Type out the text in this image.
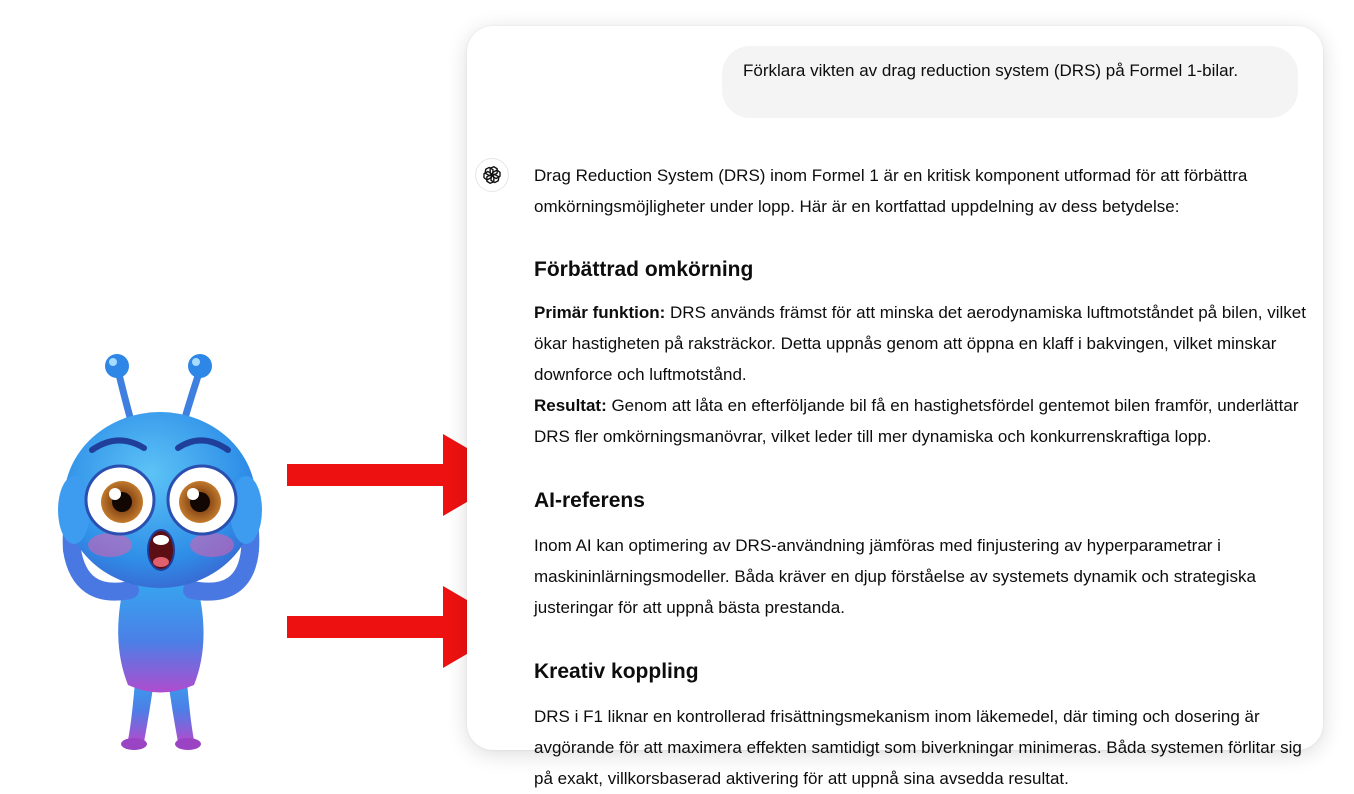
Förklara vikten av drag reduction system (DRS) på Formel 1-bilar.

Drag Reduction System (DRS) inom Formel 1 är en kritisk komponent utformad för att förbättra omkörningsmöjligheter under lopp. Här är en kortfattad uppdelning av dess betydelse:

Förbättrad omkörning

Primär funktion: DRS används främst för att minska det aerodynamiska luftmotståndet på bilen, vilket ökar hastigheten på raksträckor. Detta uppnås genom att öppna en klaff i bakvingen, vilket minskar downforce och luftmotstånd.
Resultat: Genom att låta en efterföljande bil få en hastighetsfördel gentemot bilen framför, underlättar DRS fler omkörningsmanövrar, vilket leder till mer dynamiska och konkurrenskraftiga lopp.

AI-referens

Inom AI kan optimering av DRS-användning jämföras med finjustering av hyperparametrar i maskininlärningsmodeller. Båda kräver en djup förståelse av systemets dynamik och strategiska justeringar för att uppnå bästa prestanda.

Kreativ koppling

DRS i F1 liknar en kontrollerad frisättningsmekanism inom läkemedel, där timing och dosering är avgörande för att maximera effekten samtidigt som biverkningar minimeras. Båda systemen förlitar sig på exakt, villkorsbaserad aktivering för att uppnå sina avsedda resultat.
